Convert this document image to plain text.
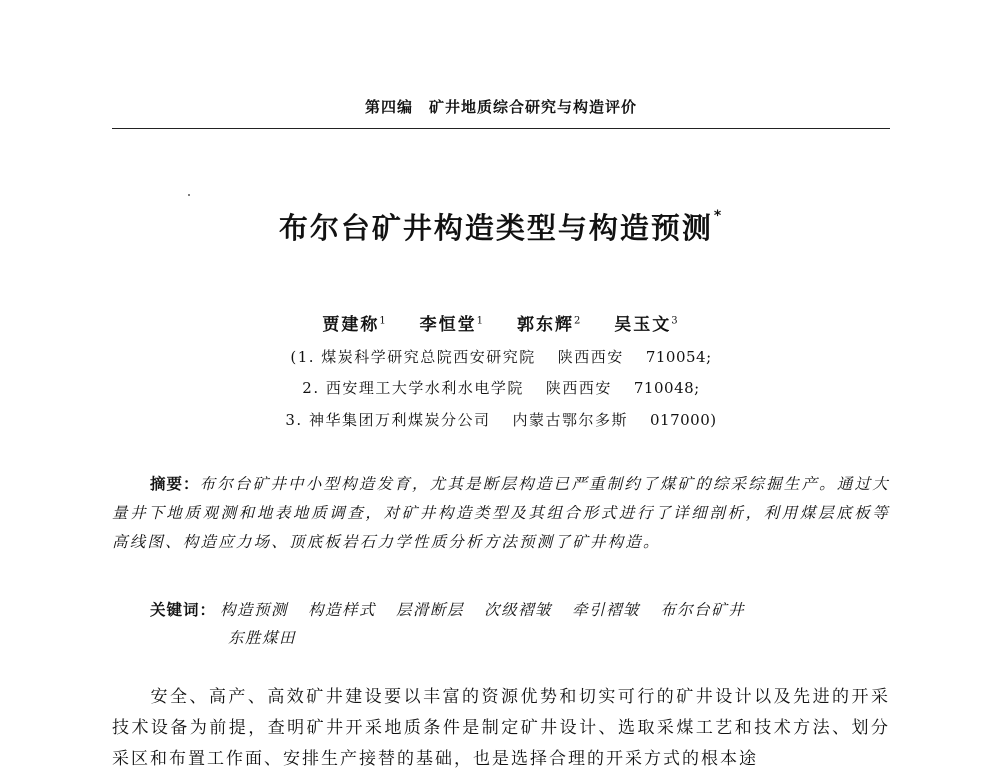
第四编　矿井地质综合研究与构造评价
布尔台矿井构造类型与构造预测*
贾建称$^1$ 李恒堂$^1$ 郭东辉$^2$ 吴玉文$^3$
(1. 煤炭科学研究总院西安研究院 陕西西安 710054;
2. 西安理工大学水利水电学院 陕西西安 710048;
3. 神华集团万利煤炭分公司 内蒙古鄂尔多斯 017000)
摘要：布尔台矿井中小型构造发育，尤其是断层构造已严重制约了煤矿的综采综掘生产。通过大量井下地质观测和地表地质调查，对矿井构造类型及其组合形式进行了详细剖析，利用煤层底板等高线图、构造应力场、顶底板岩石力学性质分析方法预测了矿井构造。
关键词： 构造预测 构造样式 层滑断层 次级褶皱 牵引褶皱 布尔台矿井
东胜煤田
安全、高产、高效矿井建设要以丰富的资源优势和切实可行的矿井设计以及先进的开采技术设备为前提，查明矿井开采地质条件是制定矿井设计、选取采煤工艺和技术方法、划分采区和布置工作面、安排生产接替的基础，也是选择合理的开采方式的根本途
